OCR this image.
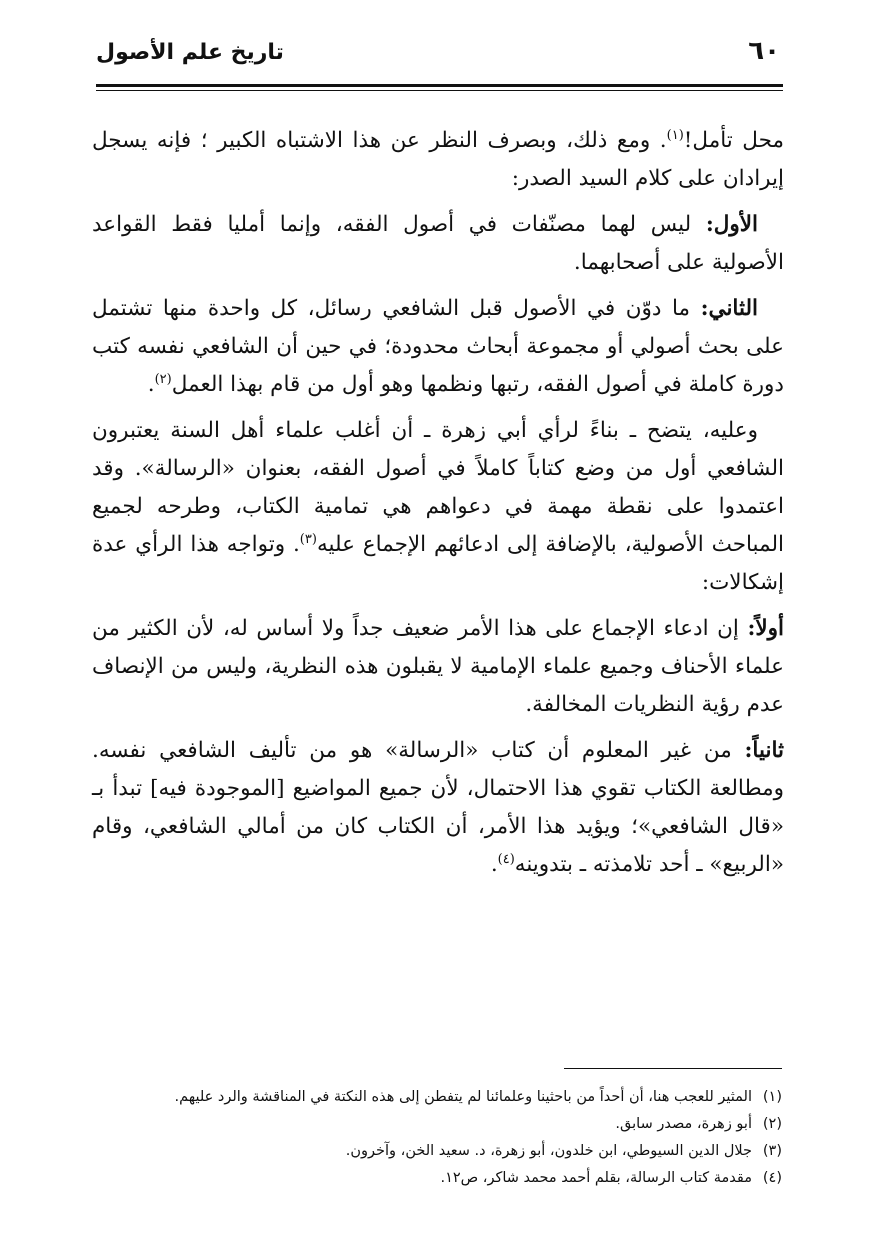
٦٠
تاريخ علم الأصول

محل تأمل!$^{(١)}$. ومع ذلك، وبصرف النظر عن هذا الاشتباه الكبير ؛ فإنه يسجل إيرادان على كلام السيد الصدر:

الأول: ليس لهما مصنّفات في أصول الفقه، وإنما أمليا فقط القواعد الأصولية على أصحابهما.

الثاني: ما دوّن في الأصول قبل الشافعي رسائل، كل واحدة منها تشتمل على بحث أصولي أو مجموعة أبحاث محدودة؛ في حين أن الشافعي نفسه كتب دورة كاملة في أصول الفقه، رتبها ونظمها وهو أول من قام بهذا العمل$^{(٢)}$.

وعليه، يتضح ـ بناءً لرأي أبي زهرة ـ أن أغلب علماء أهل السنة يعتبرون الشافعي أول من وضع كتاباً كاملاً في أصول الفقه، بعنوان «الرسالة». وقد اعتمدوا على نقطة مهمة في دعواهم هي تمامية الكتاب، وطرحه لجميع المباحث الأصولية، بالإضافة إلى ادعائهم الإجماع عليه$^{(٣)}$. وتواجه هذا الرأي عدة إشكالات:

أولاً: إن ادعاء الإجماع على هذا الأمر ضعيف جداً ولا أساس له، لأن الكثير من علماء الأحناف وجميع علماء الإمامية لا يقبلون هذه النظرية، وليس من الإنصاف عدم رؤية النظريات المخالفة.

ثانياً: من غير المعلوم أن كتاب «الرسالة» هو من تأليف الشافعي نفسه. ومطالعة الكتاب تقوي هذا الاحتمال، لأن جميع المواضيع [الموجودة فيه] تبدأ بـ «قال الشافعي»؛ ويؤيد هذا الأمر، أن الكتاب كان من أمالي الشافعي، وقام «الربيع» ـ أحد تلامذته ـ بتدوينه$^{(٤)}$.

(١)
المثير للعجب هنا، أن أحداً من باحثينا وعلمائنا لم يتفطن إلى هذه النكتة في المناقشة والرد عليهم.
(٢)
أبو زهرة، مصدر سابق.
(٣)
جلال الدين السيوطي، ابن خلدون، أبو زهرة، د. سعيد الخن، وآخرون.
(٤)
مقدمة كتاب الرسالة، بقلم أحمد محمد شاكر، ص١٢.
